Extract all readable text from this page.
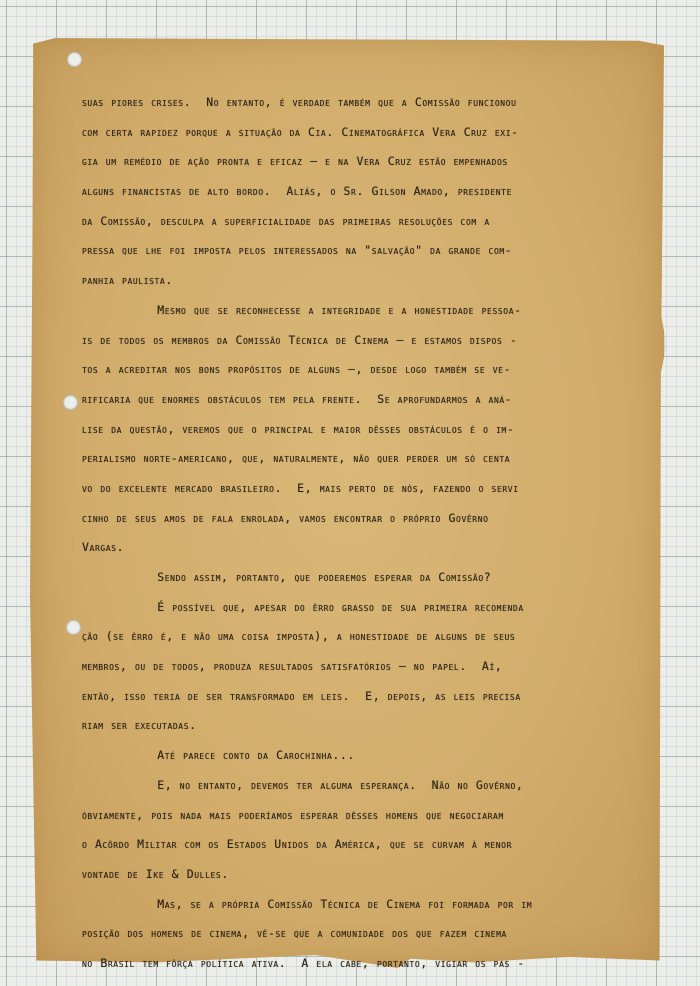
suas piores crises.  No entanto, é verdade também que a Comissão funcionou
com certa rapidez porque a situação da Cia. Cinematográfica Vera Cruz exi-
gia um remédio de ação pronta e eficaz — e na Vera Cruz estão empenhados
alguns financistas de alto bordo.  Aliás, o Sr. Gilson Amado, presidente
da Comissão, desculpa a superficialidade das primeiras resoluções com a
pressa que lhe foi imposta pelos interessados na "salvação" da grande com-
panhia paulista.
Mesmo que se reconhecesse a integridade e a honestidade pessoa-
is de todos os membros da Comissão Técnica de Cinema — e estamos dispos -
tos a acreditar nos bons propósitos de alguns —, desde logo também se ve-
rificaria que enormes obstáculos tem pela frente.  Se aprofundarmos a aná-
lise da questão, veremos que o principal e maior dêsses obstáculos é o im-
perialismo norte-americano, que, naturalmente, não quer perder um só centa
vo do excelente mercado brasileiro.  E, mais perto de nós, fazendo o servi
cinho de seus amos de fala enrolada, vamos encontrar o próprio Govêrno
Vargas.
Sendo assim, portanto, que poderemos esperar da Comissão?
É possível que, apesar do êrro grasso de sua primeira recomenda
ção (se êrro é, e não uma coisa imposta), a honestidade de alguns de seus
membros, ou de todos, produza resultados satisfatórios — no papel.  Aí,
então, isso teria de ser transformado em leis.  E, depois, as leis precisa
riam ser executadas.
Até parece conto da Carochinha...
E, no entanto, devemos ter alguma esperança.  Não no Govêrno,
òbviamente, pois nada mais poderíamos esperar dêsses homens que negociaram
o Acôrdo Militar com os Estados Unidos da América, que se curvam à menor
vontade de Ike & Dulles.
Mas, se a própria Comissão Técnica de Cinema foi formada por im
posição dos homens de cinema, vê-se que a comunidade dos que fazem cinema
no Brasil tem fôrça política ativa.  A ela cabe, portanto, vigiar os pas -
